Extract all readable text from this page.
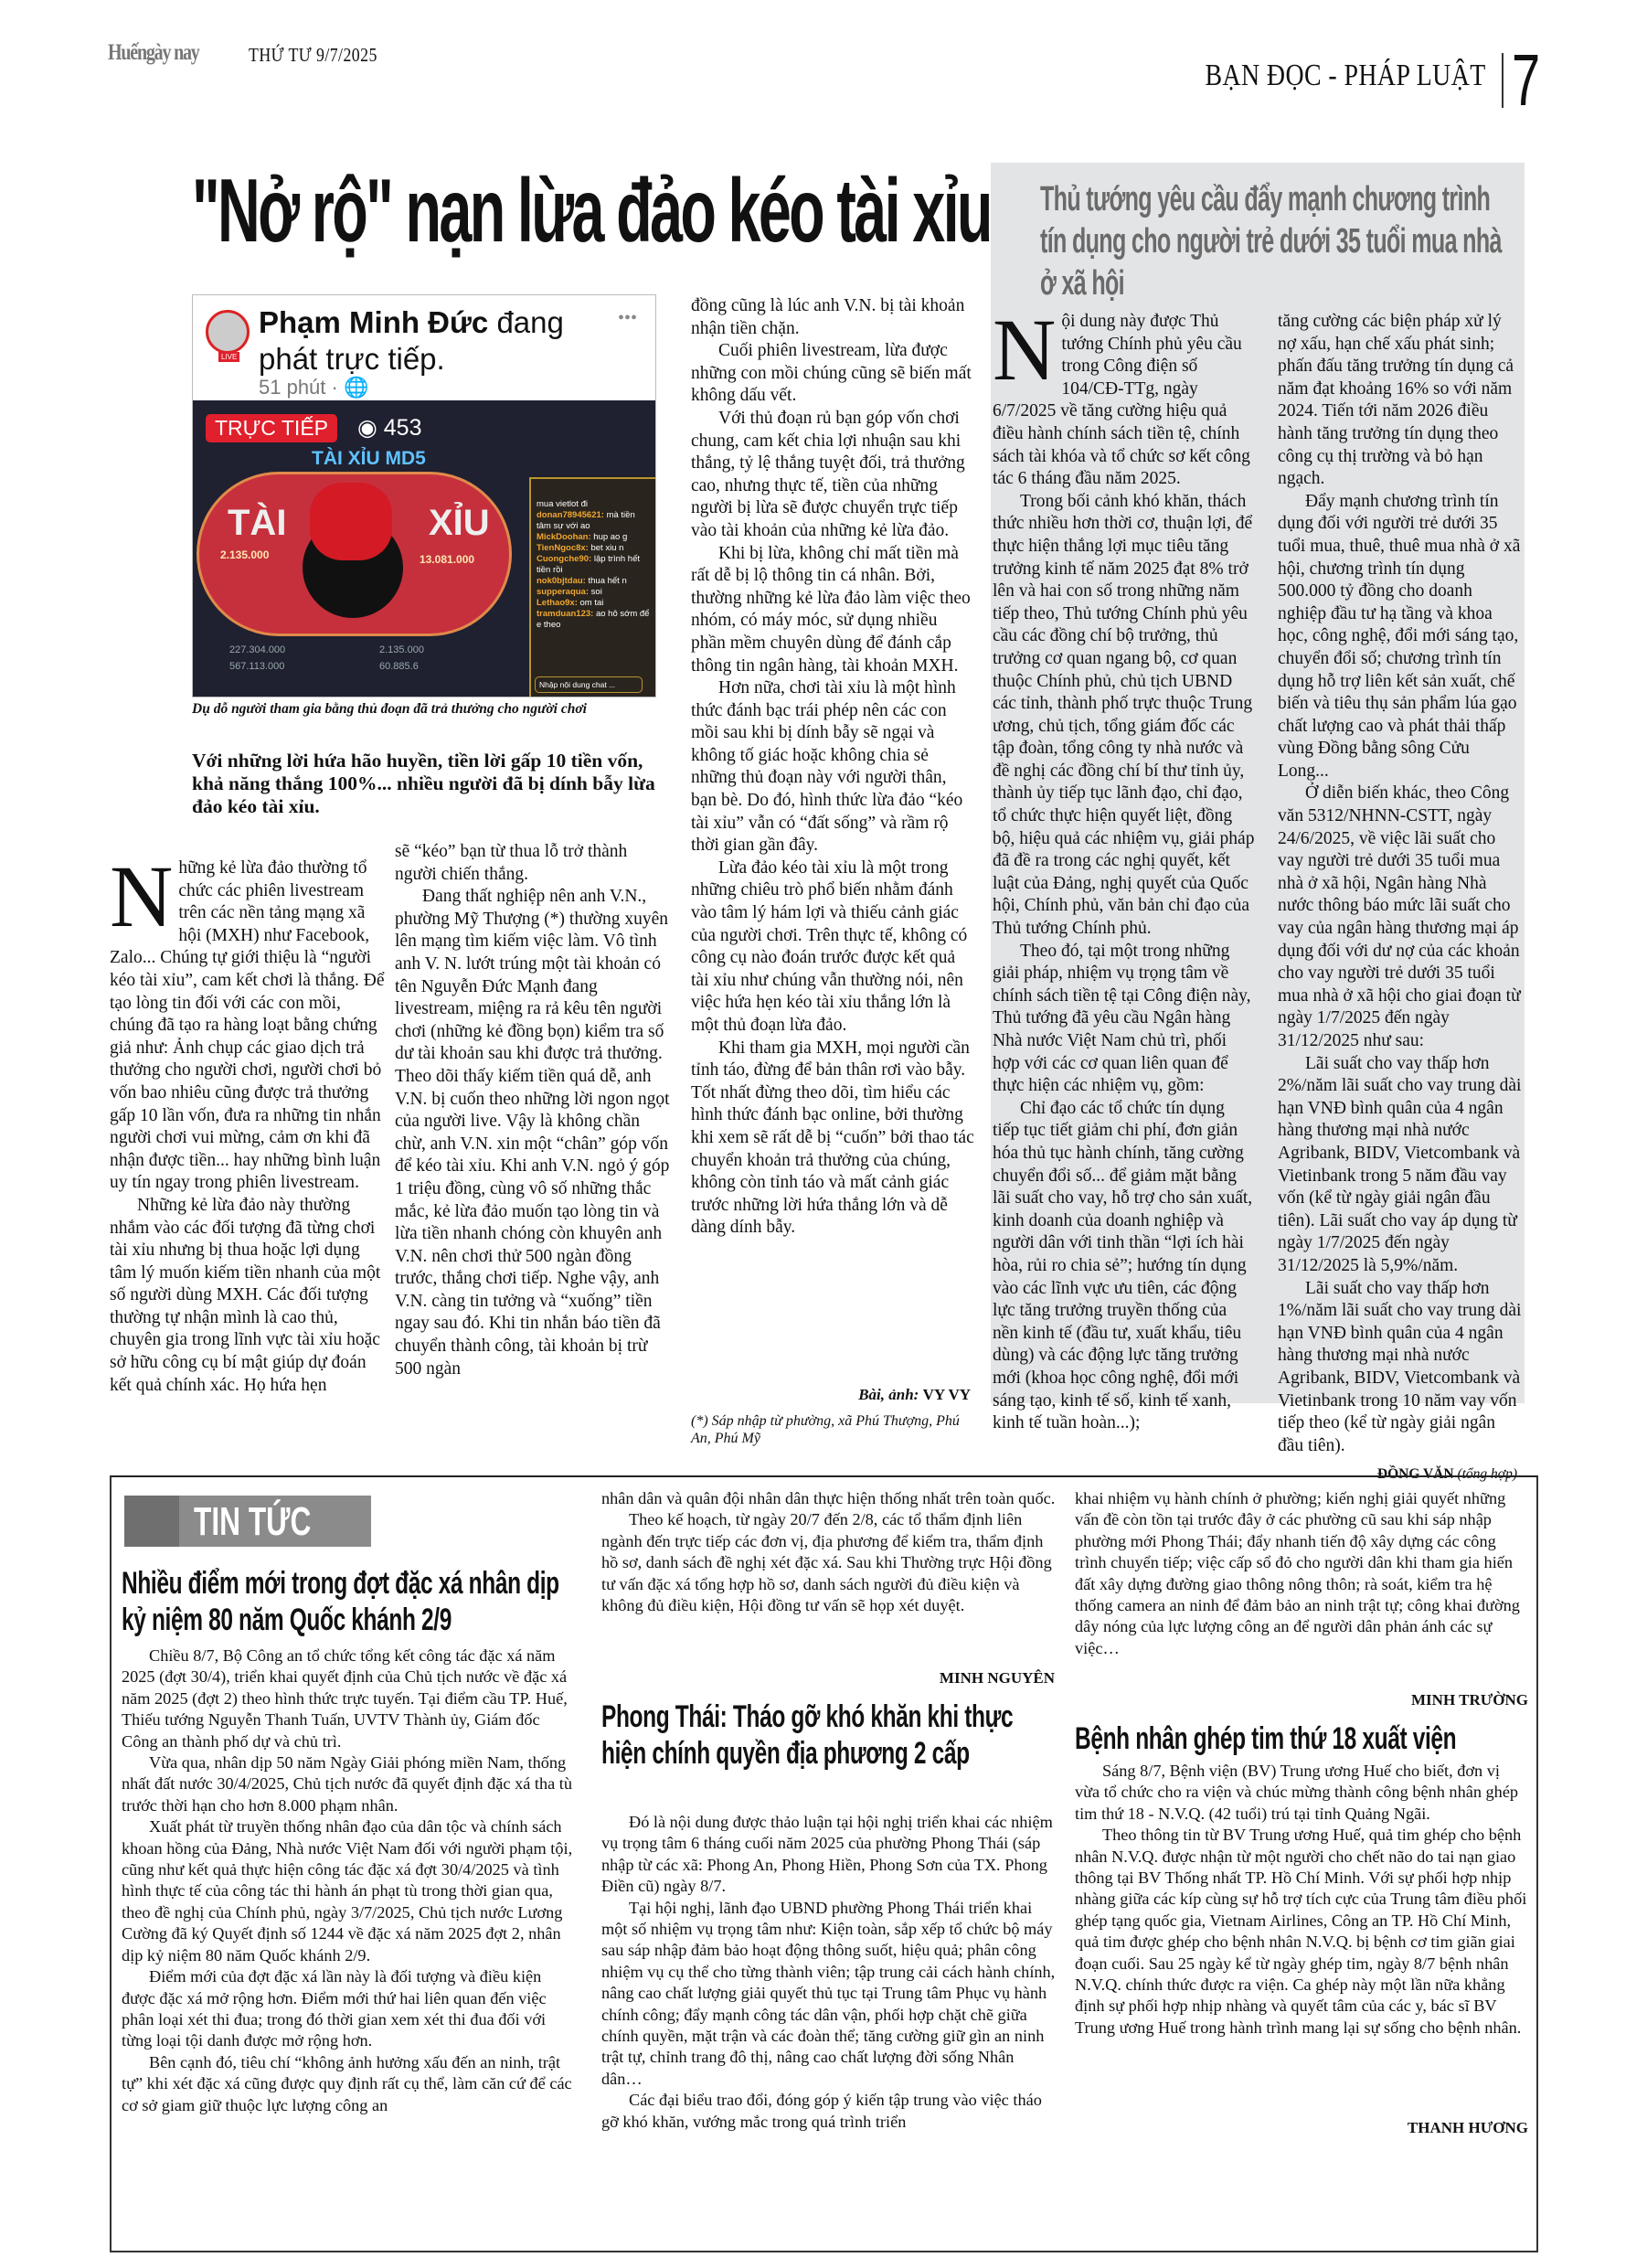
Huếngày nay	THỨ TƯ 9/7/2025
BẠN ĐỌC - PHÁP LUẬT 7
"Nở rộ" nạn lừa đảo kéo tài xỉu
LIVE
Phạm Minh Đức đang phát trực tiếp.
51 phút · 🌐
•••
TRỰC TIẾP	◉ 453
TÀI XỈU MD5
TÀI	XỈU
2.135.000	13.081.000
227.304.000	2.135.000
567.113.000	60.885.6
mua vietlot đi
donan78945621: mà tiền tâm sự với ao
MickDoohan: hup ao g
TienNgoc8x: bet xiu n
Cuongche90: lập trình hết tiền rồi
nok0bjtdau: thua hết n
supperaqua: soi
Lethao9x: om tai
tramduan123: ao hô sớm để e theo
Nhập nội dung chat ...
Dụ dỗ người tham gia bằng thủ đoạn đã trả thưởng cho người chơi
Với những lời hứa hão huyền, tiền lời gấp 10 tiền vốn, khả năng thắng 100%... nhiều người đã bị dính bẫy lừa đảo kéo tài xỉu.

Những kẻ lừa đảo thường tổ chức các phiên livestream trên các nền tảng mạng xã hội (MXH) như Facebook, Zalo... Chúng tự giới thiệu là “người kéo tài xỉu”, cam kết chơi là thắng. Để tạo lòng tin đối với các con mồi, chúng đã tạo ra hàng loạt bằng chứng giả như: Ảnh chụp các giao dịch trả thưởng cho người chơi, người chơi bỏ vốn bao nhiêu cũng được trả thưởng gấp 10 lần vốn, đưa ra những tin nhắn người chơi vui mừng, cảm ơn khi đã nhận được tiền... hay những bình luận uy tín ngay trong phiên livestream.

Những kẻ lừa đảo này thường nhắm vào các đối tượng đã từng chơi tài xỉu nhưng bị thua hoặc lợi dụng tâm lý muốn kiếm tiền nhanh của một số người dùng MXH. Các đối tượng thường tự nhận mình là cao thủ, chuyên gia trong lĩnh vực tài xỉu hoặc sở hữu công cụ bí mật giúp dự đoán kết quả chính xác. Họ hứa hẹn

sẽ “kéo” bạn từ thua lỗ trở thành người chiến thắng.

Đang thất nghiệp nên anh V.N., phường Mỹ Thượng (*) thường xuyên lên mạng tìm kiếm việc làm. Vô tình anh V. N. lướt trúng một tài khoản có tên Nguyễn Đức Mạnh đang livestream, miệng ra rả kêu tên người chơi (những kẻ đồng bọn) kiểm tra số dư tài khoản sau khi được trả thưởng. Theo dõi thấy kiếm tiền quá dễ, anh V.N. bị cuốn theo những lời ngon ngọt của người live. Vậy là không chần chừ, anh V.N. xin một “chân” góp vốn để kéo tài xỉu. Khi anh V.N. ngỏ ý góp 1 triệu đồng, cùng vô số những thắc mắc, kẻ lừa đảo muốn tạo lòng tin và lừa tiền nhanh chóng còn khuyên anh V.N. nên chơi thử 500 ngàn đồng trước, thắng chơi tiếp. Nghe vậy, anh V.N. càng tin tưởng và “xuống” tiền ngay sau đó. Khi tin nhắn báo tiền đã chuyển thành công, tài khoản bị trừ 500 ngàn

đồng cũng là lúc anh V.N. bị tài khoản nhận tiền chặn.

Cuối phiên livestream, lừa được những con mồi chúng cũng sẽ biến mất không dấu vết.

Với thủ đoạn rủ bạn góp vốn chơi chung, cam kết chia lợi nhuận sau khi thắng, tỷ lệ thắng tuyệt đối, trả thưởng cao, nhưng thực tế, tiền của những người bị lừa sẽ được chuyển trực tiếp vào tài khoản của những kẻ lừa đảo.

Khi bị lừa, không chỉ mất tiền mà rất dễ bị lộ thông tin cá nhân. Bởi, thường những kẻ lừa đảo làm việc theo nhóm, có máy móc, sử dụng nhiều phần mềm chuyên dùng để đánh cắp thông tin ngân hàng, tài khoản MXH.

Hơn nữa, chơi tài xỉu là một hình thức đánh bạc trái phép nên các con mồi sau khi bị dính bẫy sẽ ngại và không tố giác hoặc không chia sẻ những thủ đoạn này với người thân, bạn bè. Do đó, hình thức lừa đảo “kéo tài xỉu” vẫn có “đất sống” và rầm rộ thời gian gần đây.

Lừa đảo kéo tài xỉu là một trong những chiêu trò phổ biến nhằm đánh vào tâm lý hám lợi và thiếu cảnh giác của người chơi. Trên thực tế, không có công cụ nào đoán trước được kết quả tài xỉu như chúng vẫn thường nói, nên việc hứa hẹn kéo tài xỉu thắng lớn là một thủ đoạn lừa đảo.

Khi tham gia MXH, mọi người cần tỉnh táo, đừng để bản thân rơi vào bẫy. Tốt nhất đừng theo dõi, tìm hiểu các hình thức đánh bạc online, bởi thường khi xem sẽ rất dễ bị “cuốn” bởi thao tác chuyển khoản trả thưởng của chúng, không còn tỉnh táo và mất cảnh giác trước những lời hứa thắng lớn và dễ dàng dính bẫy.

Bài, ảnh: VY VY
(*) Sáp nhập từ phường, xã Phú Thượng, Phú An, Phú Mỹ
Thủ tướng yêu cầu đẩy mạnh chương trình tín dụng cho người trẻ dưới 35 tuổi mua nhà ở xã hội

Nội dung này được Thủ tướng Chính phủ yêu cầu trong Công điện số 104/CĐ-TTg, ngày 6/7/2025 về tăng cường hiệu quả điều hành chính sách tiền tệ, chính sách tài khóa và tổ chức sơ kết công tác 6 tháng đầu năm 2025.

Trong bối cảnh khó khăn, thách thức nhiều hơn thời cơ, thuận lợi, để thực hiện thắng lợi mục tiêu tăng trưởng kinh tế năm 2025 đạt 8% trở lên và hai con số trong những năm tiếp theo, Thủ tướng Chính phủ yêu cầu các đồng chí bộ trưởng, thủ trưởng cơ quan ngang bộ, cơ quan thuộc Chính phủ, chủ tịch UBND các tỉnh, thành phố trực thuộc Trung ương, chủ tịch, tổng giám đốc các tập đoàn, tổng công ty nhà nước và đề nghị các đồng chí bí thư tỉnh ủy, thành ủy tiếp tục lãnh đạo, chỉ đạo, tổ chức thực hiện quyết liệt, đồng bộ, hiệu quả các nhiệm vụ, giải pháp đã đề ra trong các nghị quyết, kết luật của Đảng, nghị quyết của Quốc hội, Chính phủ, văn bản chỉ đạo của Thủ tướng Chính phủ.

Theo đó, tại một trong những giải pháp, nhiệm vụ trọng tâm về chính sách tiền tệ tại Công điện này, Thủ tướng đã yêu cầu Ngân hàng Nhà nước Việt Nam chủ trì, phối hợp với các cơ quan liên quan để thực hiện các nhiệm vụ, gồm:

Chỉ đạo các tổ chức tín dụng tiếp tục tiết giảm chi phí, đơn giản hóa thủ tục hành chính, tăng cường chuyển đổi số... để giảm mặt bằng lãi suất cho vay, hỗ trợ cho sản xuất, kinh doanh của doanh nghiệp và người dân với tinh thần “lợi ích hài hòa, rủi ro chia sẻ”; hướng tín dụng vào các lĩnh vực ưu tiên, các động lực tăng trưởng truyền thống của nền kinh tế (đầu tư, xuất khẩu, tiêu dùng) và các động lực tăng trưởng mới (khoa học công nghệ, đổi mới sáng tạo, kinh tế số, kinh tế xanh, kinh tế tuần hoàn...);

tăng cường các biện pháp xử lý nợ xấu, hạn chế xấu phát sinh; phấn đấu tăng trưởng tín dụng cả năm đạt khoảng 16% so với năm 2024. Tiến tới năm 2026 điều hành tăng trưởng tín dụng theo công cụ thị trường và bỏ hạn ngạch.

Đẩy mạnh chương trình tín dụng đối với người trẻ dưới 35 tuổi mua, thuê, thuê mua nhà ở xã hội, chương trình tín dụng 500.000 tỷ đồng cho doanh nghiệp đầu tư hạ tầng và khoa học, công nghệ, đổi mới sáng tạo, chuyển đổi số; chương trình tín dụng hỗ trợ liên kết sản xuất, chế biến và tiêu thụ sản phẩm lúa gạo chất lượng cao và phát thải thấp vùng Đồng bằng sông Cửu Long...

Ở diễn biến khác, theo Công văn 5312/NHNN-CSTT, ngày 24/6/2025, về việc lãi suất cho vay người trẻ dưới 35 tuổi mua nhà ở xã hội, Ngân hàng Nhà nước thông báo mức lãi suất cho vay của ngân hàng thương mại áp dụng đối với dư nợ của các khoản cho vay người trẻ dưới 35 tuổi mua nhà ở xã hội cho giai đoạn từ ngày 1/7/2025 đến ngày 31/12/2025 như sau:

Lãi suất cho vay thấp hơn 2%/năm lãi suất cho vay trung dài hạn VNĐ bình quân của 4 ngân hàng thương mại nhà nước Agribank, BIDV, Vietcombank và Vietinbank trong 5 năm đầu vay vốn (kể từ ngày giải ngân đầu tiên). Lãi suất cho vay áp dụng từ ngày 1/7/2025 đến ngày 31/12/2025 là 5,9%/năm.

Lãi suất cho vay thấp hơn 1%/năm lãi suất cho vay trung dài hạn VNĐ bình quân của 4 ngân hàng thương mại nhà nước Agribank, BIDV, Vietcombank và Vietinbank trong 10 năm vay vốn tiếp theo (kể từ ngày giải ngân đầu tiên).

ĐỒNG VĂN (tổng hợp)
TIN TỨC
Nhiều điểm mới trong đợt đặc xá nhân dịp kỷ niệm 80 năm Quốc khánh 2/9

Chiều 8/7, Bộ Công an tổ chức tổng kết công tác đặc xá năm 2025 (đợt 30/4), triển khai quyết định của Chủ tịch nước về đặc xá năm 2025 (đợt 2) theo hình thức trực tuyến. Tại điểm cầu TP. Huế, Thiếu tướng Nguyễn Thanh Tuấn, UVTV Thành ủy, Giám đốc Công an thành phố dự và chủ trì.

Vừa qua, nhân dịp 50 năm Ngày Giải phóng miền Nam, thống nhất đất nước 30/4/2025, Chủ tịch nước đã quyết định đặc xá tha tù trước thời hạn cho hơn 8.000 phạm nhân.

Xuất phát từ truyền thống nhân đạo của dân tộc và chính sách khoan hồng của Đảng, Nhà nước Việt Nam đối với người phạm tội, cũng như kết quả thực hiện công tác đặc xá đợt 30/4/2025 và tình hình thực tế của công tác thi hành án phạt tù trong thời gian qua, theo đề nghị của Chính phủ, ngày 3/7/2025, Chủ tịch nước Lương Cường đã ký Quyết định số 1244 về đặc xá năm 2025 đợt 2, nhân dịp kỷ niệm 80 năm Quốc khánh 2/9.

Điểm mới của đợt đặc xá lần này là đối tượng và điều kiện được đặc xá mở rộng hơn. Điểm mới thứ hai liên quan đến việc phân loại xét thi đua; trong đó thời gian xem xét thi đua đối với từng loại tội danh được mở rộng hơn.

Bên cạnh đó, tiêu chí “không ảnh hưởng xấu đến an ninh, trật tự” khi xét đặc xá cũng được quy định rất cụ thể, làm căn cứ để các cơ sở giam giữ thuộc lực lượng công an

nhân dân và quân đội nhân dân thực hiện thống nhất trên toàn quốc.

Theo kế hoạch, từ ngày 20/7 đến 2/8, các tổ thẩm định liên ngành đến trực tiếp các đơn vị, địa phương để kiểm tra, thẩm định hồ sơ, danh sách đề nghị xét đặc xá. Sau khi Thường trực Hội đồng tư vấn đặc xá tổng hợp hồ sơ, danh sách người đủ điều kiện và không đủ điều kiện, Hội đồng tư vấn sẽ họp xét duyệt.

MINH NGUYÊN
Phong Thái: Tháo gỡ khó khăn khi thực hiện chính quyền địa phương 2 cấp

Đó là nội dung được thảo luận tại hội nghị triển khai các nhiệm vụ trọng tâm 6 tháng cuối năm 2025 của phường Phong Thái (sáp nhập từ các xã: Phong An, Phong Hiền, Phong Sơn của TX. Phong Điền cũ) ngày 8/7.

Tại hội nghị, lãnh đạo UBND phường Phong Thái triển khai một số nhiệm vụ trọng tâm như: Kiện toàn, sắp xếp tổ chức bộ máy sau sáp nhập đảm bảo hoạt động thông suốt, hiệu quả; phân công nhiệm vụ cụ thể cho từng thành viên; tập trung cải cách hành chính, nâng cao chất lượng giải quyết thủ tục tại Trung tâm Phục vụ hành chính công; đẩy mạnh công tác dân vận, phối hợp chặt chẽ giữa chính quyền, mặt trận và các đoàn thể; tăng cường giữ gìn an ninh trật tự, chỉnh trang đô thị, nâng cao chất lượng đời sống Nhân dân…

Các đại biểu trao đổi, đóng góp ý kiến tập trung vào việc tháo gỡ khó khăn, vướng mắc trong quá trình triển

khai nhiệm vụ hành chính ở phường; kiến nghị giải quyết những vấn đề còn tồn tại trước đây ở các phường cũ sau khi sáp nhập phường mới Phong Thái; đẩy nhanh tiến độ xây dựng các công trình chuyển tiếp; việc cấp sổ đỏ cho người dân khi tham gia hiến đất xây dựng đường giao thông nông thôn; rà soát, kiểm tra hệ thống camera an ninh để đảm bảo an ninh trật tự; công khai đường dây nóng của lực lượng công an để người dân phản ánh các sự việc…

MINH TRƯỜNG
Bệnh nhân ghép tim thứ 18 xuất viện

Sáng 8/7, Bệnh viện (BV) Trung ương Huế cho biết, đơn vị vừa tổ chức cho ra viện và chúc mừng thành công bệnh nhân ghép tim thứ 18 - N.V.Q. (42 tuổi) trú tại tỉnh Quảng Ngãi.

Theo thông tin từ BV Trung ương Huế, quả tim ghép cho bệnh nhân N.V.Q. được nhận từ một người cho chết não do tai nạn giao thông tại BV Thống nhất TP. Hồ Chí Minh. Với sự phối hợp nhịp nhàng giữa các kíp cùng sự hỗ trợ tích cực của Trung tâm điều phối ghép tạng quốc gia, Vietnam Airlines, Công an TP. Hồ Chí Minh, quả tim được ghép cho bệnh nhân N.V.Q. bị bệnh cơ tim giãn giai đoạn cuối. Sau 25 ngày kể từ ngày ghép tim, ngày 8/7 bệnh nhân N.V.Q. chính thức được ra viện. Ca ghép này một lần nữa khẳng định sự phối hợp nhịp nhàng và quyết tâm của các y, bác sĩ BV Trung ương Huế trong hành trình mang lại sự sống cho bệnh nhân.

THANH HƯƠNG
